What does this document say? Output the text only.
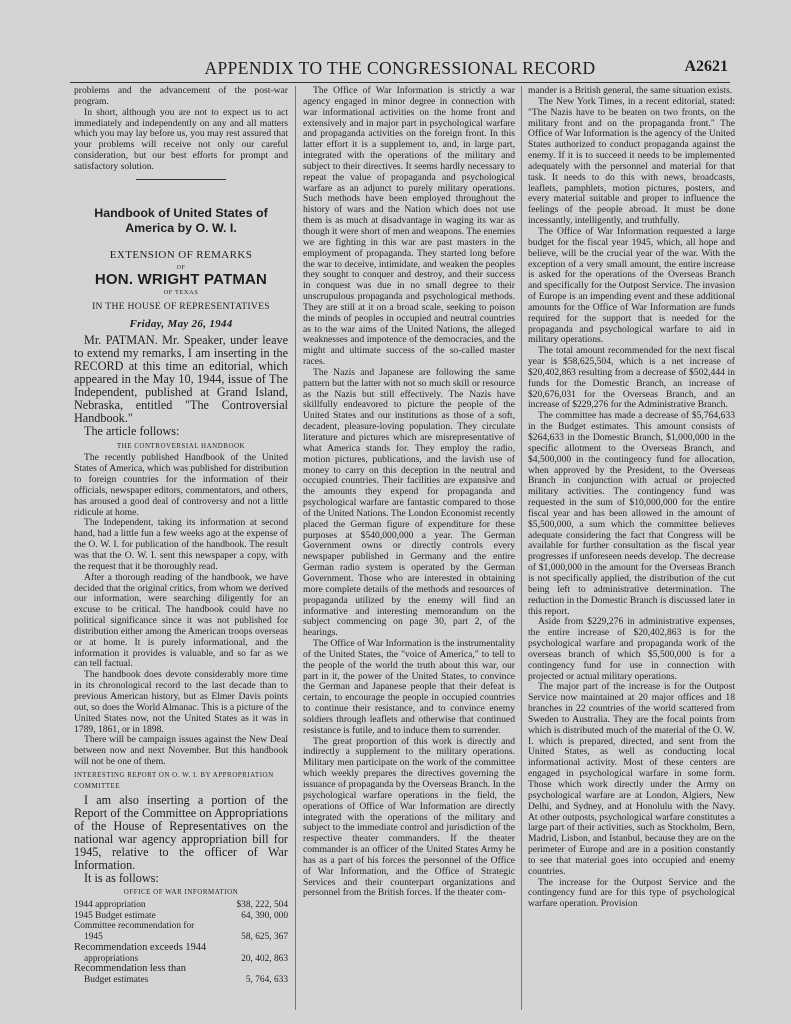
APPENDIX TO THE CONGRESSIONAL RECORD	A2621

problems and the advancement of the post-war program.

In short, although you are not to expect us to act immediately and independently on any and all matters which you may lay before us, you may rest assured that your problems will receive not only our careful consideration, but our best efforts for prompt and satisfactory solution.

Handbook of United States of America by O. W. I.
EXTENSION OF REMARKS
OF
HON. WRIGHT PATMAN
OF TEXAS
IN THE HOUSE OF REPRESENTATIVES
Friday, May 26, 1944

Mr. PATMAN. Mr. Speaker, under leave to extend my remarks, I am inserting in the RECORD at this time an editorial, which appeared in the May 10, 1944, issue of The Independent, published at Grand Island, Nebraska, entitled "The Controversial Handbook."

The article follows:

THE CONTROVERSIAL HANDBOOK

The recently published Handbook of the United States of America, which was published for distribution to foreign countries for the information of their officials, newspaper editors, commentators, and others, has aroused a good deal of controversy and not a little ridicule at home.

The Independent, taking its information at second hand, had a little fun a few weeks ago at the expense of the O. W. I. for publication of the handbook. The result was that the O. W. I. sent this newspaper a copy, with the request that it be thoroughly read.

After a thorough reading of the handbook, we have decided that the original critics, from whom we derived our information, were searching diligently for an excuse to be critical. The handbook could have no political significance since it was not published for distribution either among the American troops overseas or at home. It is purely informational, and the information it provides is valuable, and so far as we can tell factual.

The handbook does devote considerably more time in its chronological record to the last decade than to previous American history, but as Elmer Davis points out, so does the World Almanac. This is a picture of the United States now, not the United States as it was in 1789, 1861, or in 1898.

There will be campaign issues against the New Deal between now and next November. But this handbook will not be one of them.

INTERESTING REPORT ON O. W. I. BY APPROPRIATION COMMITTEE

I am also inserting a portion of the Report of the Committee on Appropriations of the House of Representatives on the national war agency appropriation bill for 1945, relative to the officer of War Information.

It is as follows:

OFFICE OF WAR INFORMATION
1944 appropriation	$38, 222, 504
1945 Budget estimate	64, 390, 000
Committee recommendation for
1945	58, 625, 367
Recommendation exceeds 1944
appropriations	20, 402, 863
Recommendation less than
Budget estimates	5, 764, 633

The Office of War Information is strictly a war agency engaged in minor degree in connection with war informational activities on the home front and extensively and in major part in psychological warfare and propaganda activities on the foreign front. In this latter effort it is a supplement to, and, in large part, integrated with the operations of the military and subject to their directives. It seems hardly necessary to repeat the value of propaganda and psychological warfare as an adjunct to purely military operations. Such methods have been employed throughout the history of wars and the Nation which does not use them is as much at disadvantage in waging its war as though it were short of men and weapons. The enemies we are fighting in this war are past masters in the employment of propaganda. They started long before the war to deceive, intimidate, and weaken the peoples they sought to conquer and destroy, and their success in conquest was due in no small degree to their unscrupulous propaganda and psychological methods. They are still at it on a broad scale, seeking to poison the minds of peoples in occupied and neutral countries as to the war aims of the United Nations, the alleged weaknesses and impotence of the democracies, and the might and ultimate success of the so-called master races.

The Nazis and Japanese are following the same pattern but the latter with not so much skill or resource as the Nazis but still effectively. The Nazis have skillfully endeavored to picture the people of the United States and our institutions as those of a soft, decadent, pleasure-loving population. They circulate literature and pictures which are misrepresentative of what America stands for. They employ the radio, motion pictures, publications, and the lavish use of money to carry on this deception in the neutral and occupied countries. Their facilities are expansive and the amounts they expend for propaganda and psychological warfare are fantastic compared to those of the United Nations. The London Economist recently placed the German figure of expenditure for these purposes at $540,000,000 a year. The German Government owns or directly controls every newspaper published in Germany and the entire German radio system is operated by the German Government. Those who are interested in obtaining more complete details of the methods and resources of propaganda utilized by the enemy will find an informative and interesting memorandum on the subject commencing on page 30, part 2, of the hearings.

The Office of War Information is the instrumentality of the United States, the "voice of America," to tell to the people of the world the truth about this war, our part in it, the power of the United States, to convince the German and Japanese people that their defeat is certain, to encourage the people in occupied countries to continue their resistance, and to convince enemy soldiers through leaflets and otherwise that continued resistance is futile, and to induce them to surrender.

The great proportion of this work is directly and indirectly a supplement to the military operations. Military men participate on the work of the committee which weekly prepares the directives governing the issuance of propaganda by the Overseas Branch. In the psychological warfare operations in the field, the operations of Office of War Information are directly integrated with the operations of the military and subject to the immediate control and jurisdiction of the respective theater commanders. If the theater commander is an officer of the United States Army he has as a part of his forces the personnel of the Office of War Information, and the Office of Strategic Services and their counterpart organizations and personnel from the British forces. If the theater com-

mander is a British general, the same situation exists.

The New York Times, in a recent editorial, stated: "The Nazis have to be beaten on two fronts, on the military front and on the propaganda front." The Office of War Information is the agency of the United States authorized to conduct propaganda against the enemy. If it is to succeed it needs to be implemented adequately with the personnel and material for that task. It needs to do this with news, broadcasts, leaflets, pamphlets, motion pictures, posters, and every material suitable and proper to influence the feelings of the people abroad. It must be done incessantly, intelligently, and truthfully.

The Office of War Information requested a large budget for the fiscal year 1945, which, all hope and believe, will be the crucial year of the war. With the exception of a very small amount, the entire increase is asked for the operations of the Overseas Branch and specifically for the Outpost Service. The invasion of Europe is an impending event and these additional amounts for the Office of War Information are funds required for the support that is needed for the propaganda and psychological warfare to aid in military operations.

The total amount recommended for the next fiscal year is $58,625,504, which is a net increase of $20,402,863 resulting from a decrease of $502,444 in funds for the Domestic Branch, an increase of $20,676,031 for the Overseas Branch, and an increase of $229,276 for the Administrative Branch.

The committee has made a decrease of $5,764,633 in the Budget estimates. This amount consists of $264,633 in the Domestic Branch, $1,000,000 in the specific allotment to the Overseas Branch, and $4,500,000 in the contingency fund for allocation, when approved by the President, to the Overseas Branch in conjunction with actual or projected military activities. The contingency fund was requested in the sum of $10,000,000 for the entire fiscal year and has been allowed in the amount of $5,500,000, a sum which the committee believes adequate considering the fact that Congress will be available for further consultation as the fiscal year progresses if unforeseen needs develop. The decrease of $1,000,000 in the amount for the Overseas Branch is not specifically applied, the distribution of the cut being left to administrative determination. The reduction in the Domestic Branch is discussed later in this report.

Aside from $229,276 in administrative expenses, the entire increase of $20,402,863 is for the psychological warfare and propaganda work of the overseas branch of which $5,500,000 is for a contingency fund for use in connection with projected or actual military operations.

The major part of the increase is for the Outpost Service now maintained at 20 major offices and 18 branches in 22 countries of the world scattered from Sweden to Australia. They are the focal points from which is distributed much of the material of the O. W. I. which is prepared, directed, and sent from the United States, as well as conducting local informational activity. Most of these centers are engaged in psychological warfare in some form. Those which work directly under the Army on psychological warfare are at London, Algiers, New Delhi, and Sydney, and at Honolulu with the Navy. At other outposts, psychological warfare constitutes a large part of their activities, such as Stockholm, Bern, Madrid, Lisbon, and Istanbul, because they are on the perimeter of Europe and are in a position constantly to see that material goes into occupied and enemy countries.

The increase for the Outpost Service and the contingency fund are for this type of psychological warfare operation. Provision
